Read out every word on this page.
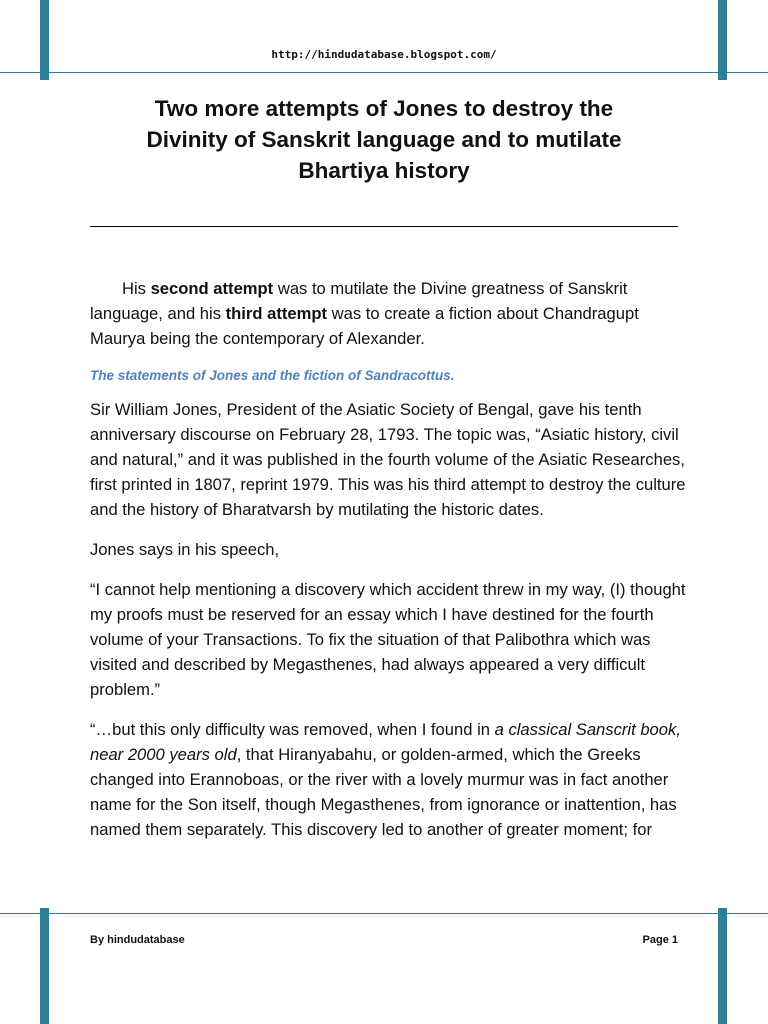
http://hindudatabase.blogspot.com/
Two more attempts of Jones to destroy the
Divinity of Sanskrit language and to mutilate
Bhartiya history

His second attempt was to mutilate the Divine greatness of Sanskrit language, and his third attempt was to create a fiction about Chandragupt Maurya being the contemporary of Alexander.

The statements of Jones and the fiction of Sandracottus.

Sir William Jones, President of the Asiatic Society of Bengal, gave his tenth anniversary discourse on February 28, 1793. The topic was, “Asiatic history, civil and natural,” and it was published in the fourth volume of the Asiatic Researches, first printed in 1807, reprint 1979. This was his third attempt to destroy the culture and the history of Bharatvarsh by mutilating the historic dates.

Jones says in his speech,

“I cannot help mentioning a discovery which accident threw in my way, (I) thought my proofs must be reserved for an essay which I have destined for the fourth volume of your Transactions. To fix the situation of that Palibothra which was visited and described by Megasthenes, had always appeared a very difficult problem.”

“…but this only difficulty was removed, when I found in a classical Sanscrit book, near 2000 years old, that Hiranyabahu, or golden-armed, which the Greeks changed into Erannoboas, or the river with a lovely murmur was in fact another name for the Son itself, though Megasthenes, from ignorance or inattention, has named them separately. This discovery led to another of greater moment; for

By hindudatabase	Page 1
